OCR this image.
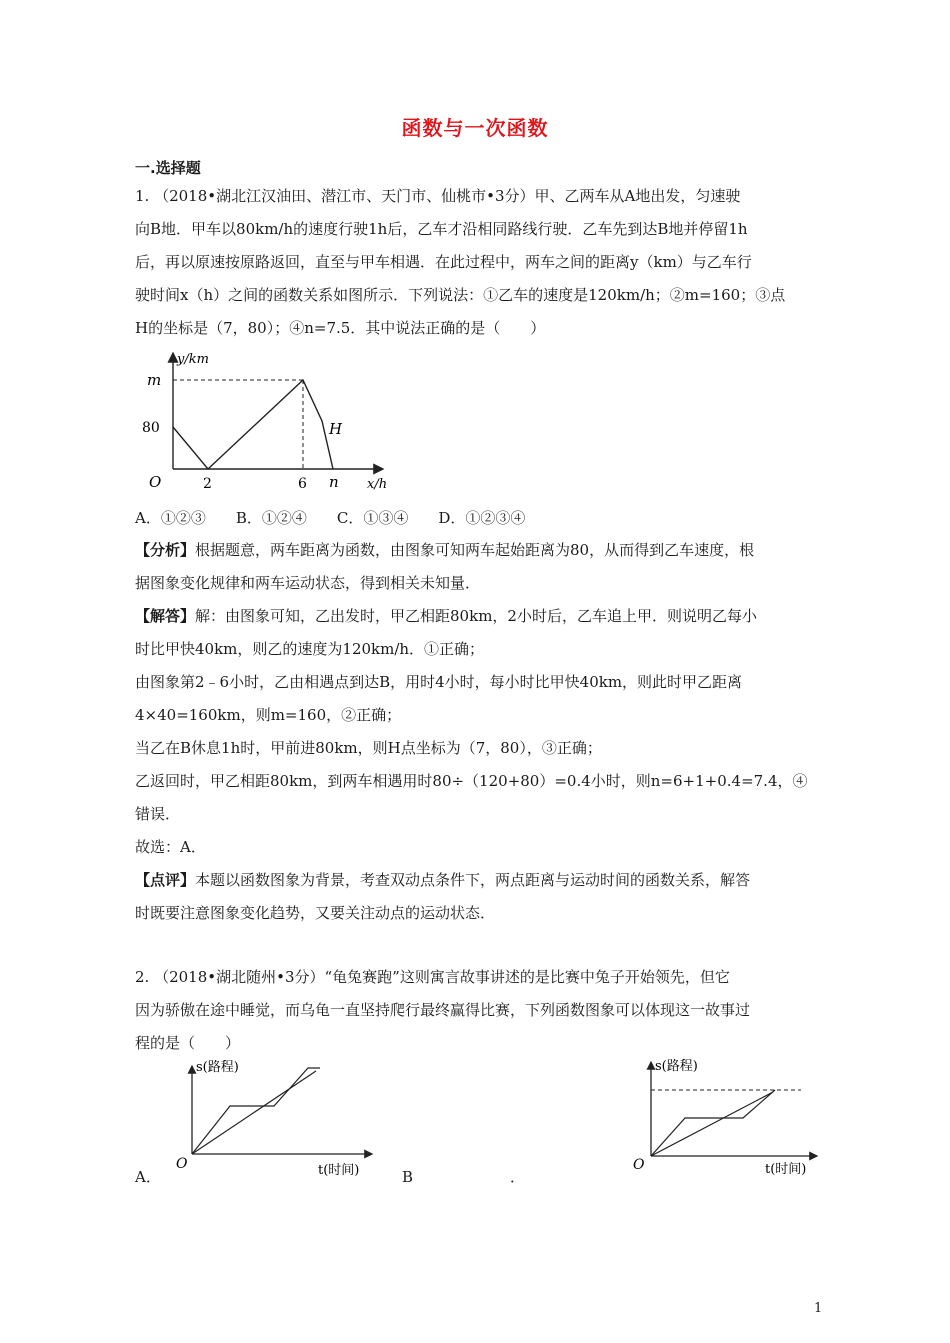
函数与一次函数
一.选择题
1. （2018•湖北江汉油田、潜江市、天门市、仙桃市•3分）甲、乙两车从A地出发，匀速驶
向B地．甲车以80km/h的速度行驶1h后，乙车才沿相同路线行驶．乙车先到达B地并停留1h
后，再以原速按原路返回，直至与甲车相遇．在此过程中，两车之间的距离y（km）与乙车行
驶时间x（h）之间的函数关系如图所示．下列说法：①乙车的速度是120km/h；②m=160；③点
H的坐标是（7，80）；④n=7.5．其中说法正确的是（　　）
y/km
m
80	H
O	2	6 n x/h
A．①②③　　B．①②④　　C．①③④　　D．①②③④
【分析】根据题意，两车距离为函数，由图象可知两车起始距离为80，从而得到乙车速度，根
据图象变化规律和两车运动状态，得到相关未知量．
【解答】解：由图象可知，乙出发时，甲乙相距80km，2小时后，乙车追上甲．则说明乙每小
时比甲快40km，则乙的速度为120km/h．①正确；
由图象第2﹣6小时，乙由相遇点到达B，用时4小时，每小时比甲快40km，则此时甲乙距离
4×40=160km，则m=160，②正确；
当乙在B休息1h时，甲前进80km，则H点坐标为（7，80），③正确；
乙返回时，甲乙相距80km，到两车相遇用时80÷（120+80）=0.4小时，则n=6+1+0.4=7.4，④
错误．
故选：A．
【点评】本题以函数图象为背景，考查双动点条件下，两点距离与运动时间的函数关系，解答
时既要注意图象变化趋势，又要关注动点的运动状态．
2. （2018•湖北随州•3分）“龟兔赛跑”这则寓言故事讲述的是比赛中兔子开始领先，但它
因为骄傲在途中睡觉，而乌龟一直坚持爬行最终赢得比赛，下列函数图象可以体现这一故事过
程的是（　　）
A．
s(路程)
O	t(时间)	B	．
s(路程)
O	t(时间)
1
